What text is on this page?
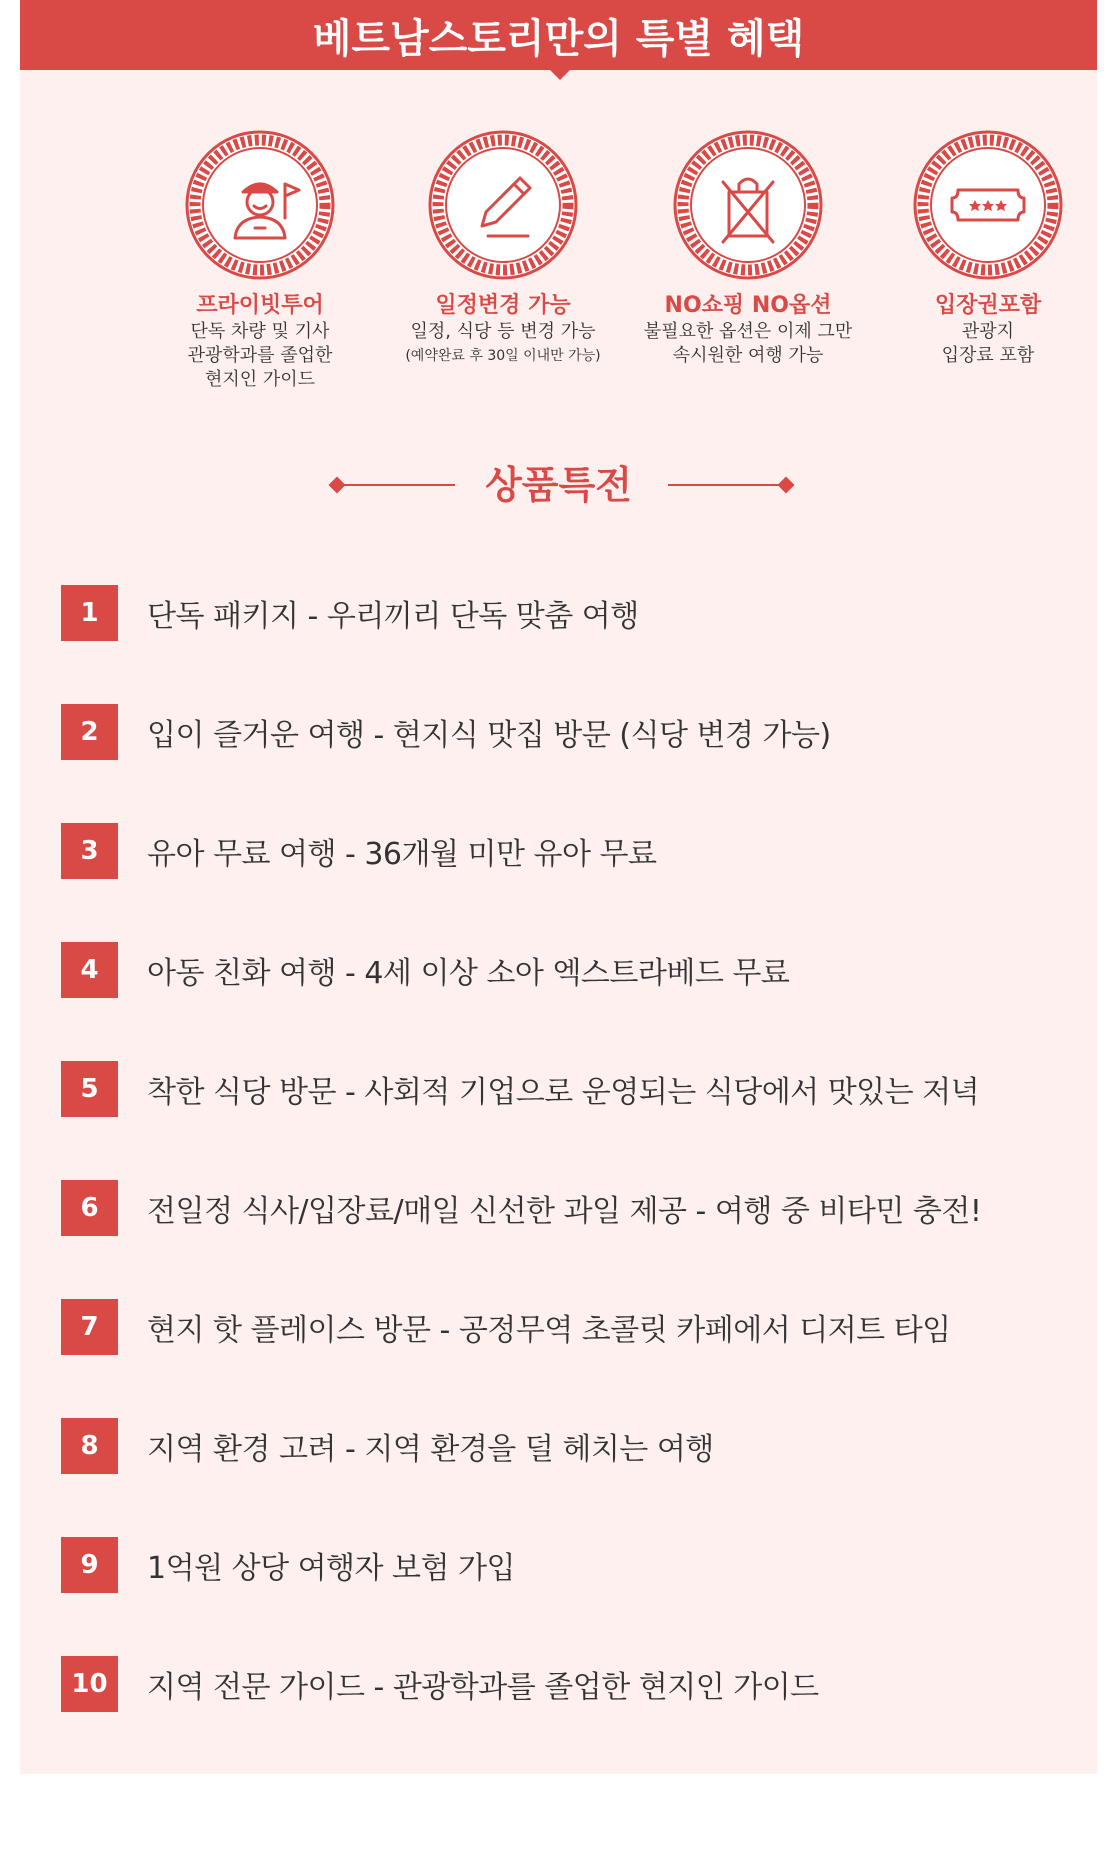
베트남스토리만의 특별 혜택
프라이빗투어
단독 차량 및 기사
관광학과를 졸업한
현지인 가이드
일정변경 가능
일정, 식당 등 변경 가능
(예약완료 후 30일 이내만 가능)
NO쇼핑 NO옵션
불필요한 옵션은 이제 그만
속시원한 여행 가능
입장권포함
관광지
입장료 포함
상품특전
1	단독 패키지 - 우리끼리 단독 맞춤 여행
2	입이 즐거운 여행 - 현지식 맛집 방문 (식당 변경 가능)
3	유아 무료 여행 - 36개월 미만 유아 무료
4	아동 친화 여행 - 4세 이상 소아 엑스트라베드 무료
5	착한 식당 방문 - 사회적 기업으로 운영되는 식당에서 맛있는 저녁
6	전일정 식사/입장료/매일 신선한 과일 제공 - 여행 중 비타민 충전!
7	현지 핫 플레이스 방문 - 공정무역 초콜릿 카페에서 디저트 타임
8	지역 환경 고려 - 지역 환경을 덜 헤치는 여행
9	1억원 상당 여행자 보험 가입
10	지역 전문 가이드 - 관광학과를 졸업한 현지인 가이드
